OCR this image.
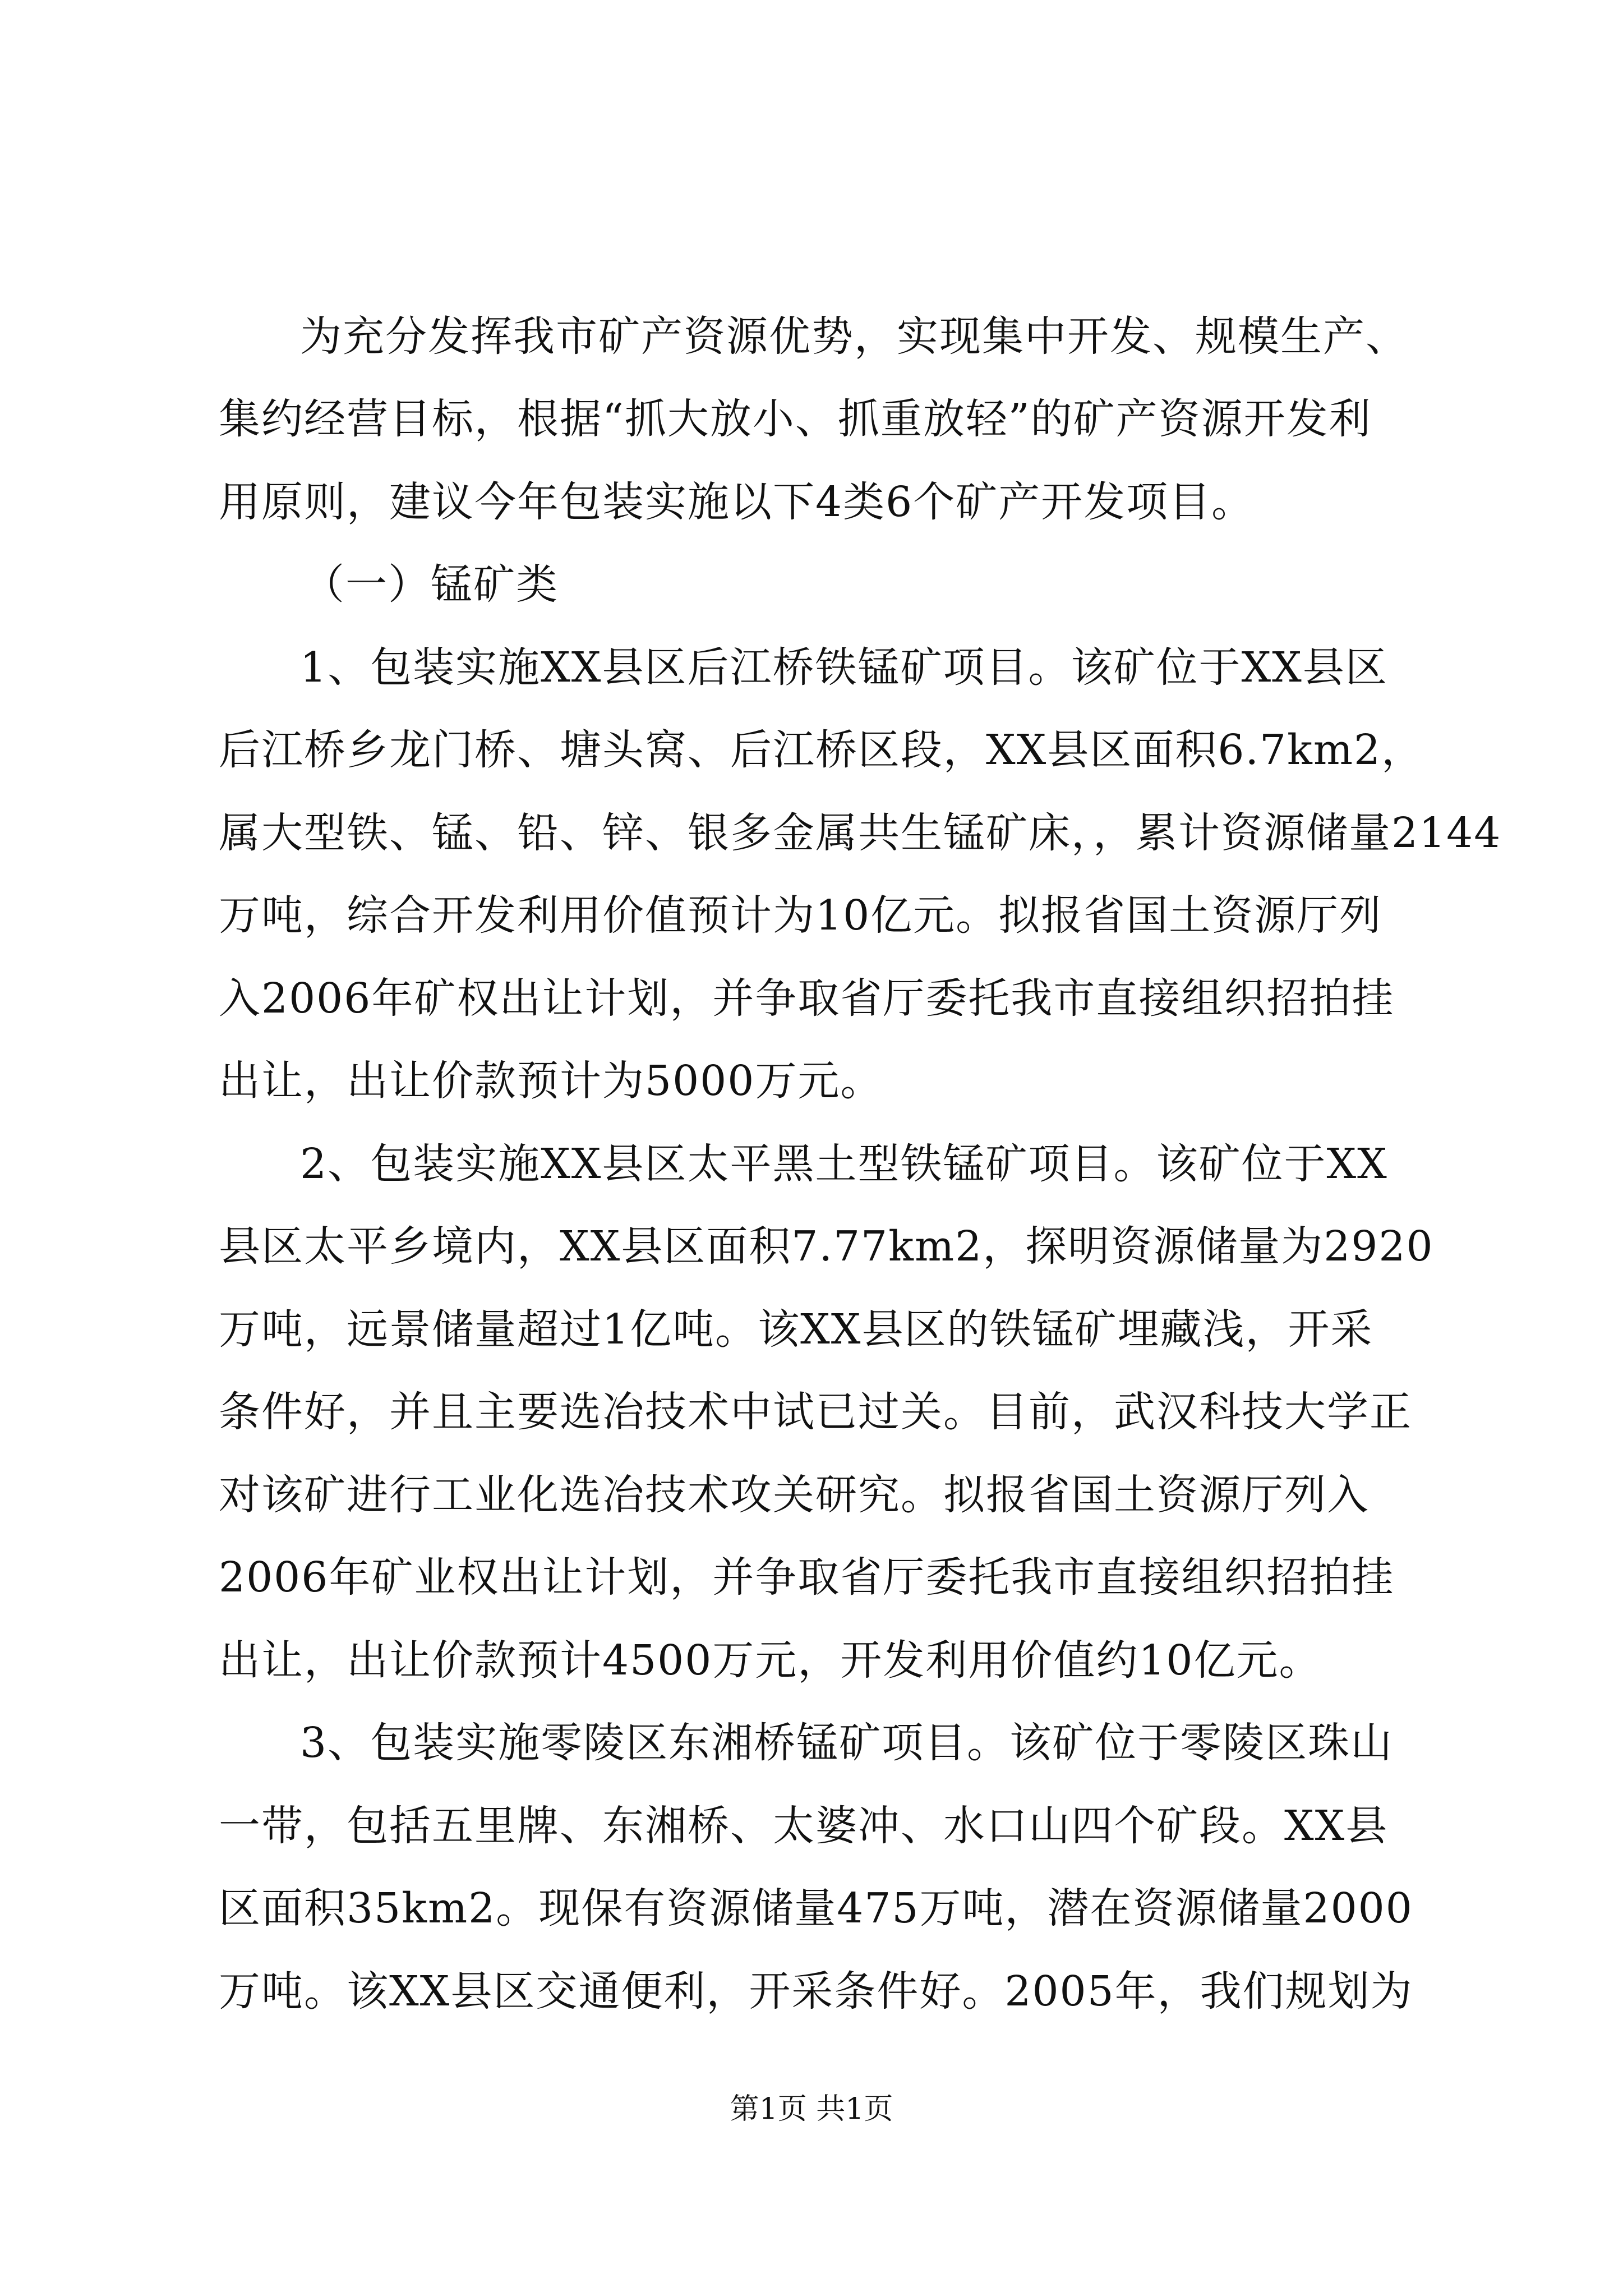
为充分发挥我市矿产资源优势，实现集中开发、规模生产、

集约经营目标，根据“抓大放小、抓重放轻”的矿产资源开发利

用原则，建议今年包装实施以下4类6个矿产开发项目。

（一）锰矿类

1、包装实施XX县区后江桥铁锰矿项目。该矿位于XX县区

后江桥乡龙门桥、塘头窝、后江桥区段，XX县区面积6.7km2，

属大型铁、锰、铅、锌、银多金属共生锰矿床，，累计资源储量2144

万吨，综合开发利用价值预计为10亿元。拟报省国土资源厅列

入2006年矿权出让计划，并争取省厅委托我市直接组织招拍挂

出让，出让价款预计为5000万元。

2、包装实施XX县区太平黑土型铁锰矿项目。该矿位于XX

县区太平乡境内，XX县区面积7.77km2，探明资源储量为2920

万吨，远景储量超过1亿吨。该XX县区的铁锰矿埋藏浅，开采

条件好，并且主要选冶技术中试已过关。目前，武汉科技大学正

对该矿进行工业化选冶技术攻关研究。拟报省国土资源厅列入

2006年矿业权出让计划，并争取省厅委托我市直接组织招拍挂

出让，出让价款预计4500万元，开发利用价值约10亿元。

3、包装实施零陵区东湘桥锰矿项目。该矿位于零陵区珠山

一带，包括五里牌、东湘桥、太婆冲、水口山四个矿段。XX县

区面积35km2。现保有资源储量475万吨，潜在资源储量2000

万吨。该XX县区交通便利，开采条件好。2005年，我们规划为

第1页 共1页
